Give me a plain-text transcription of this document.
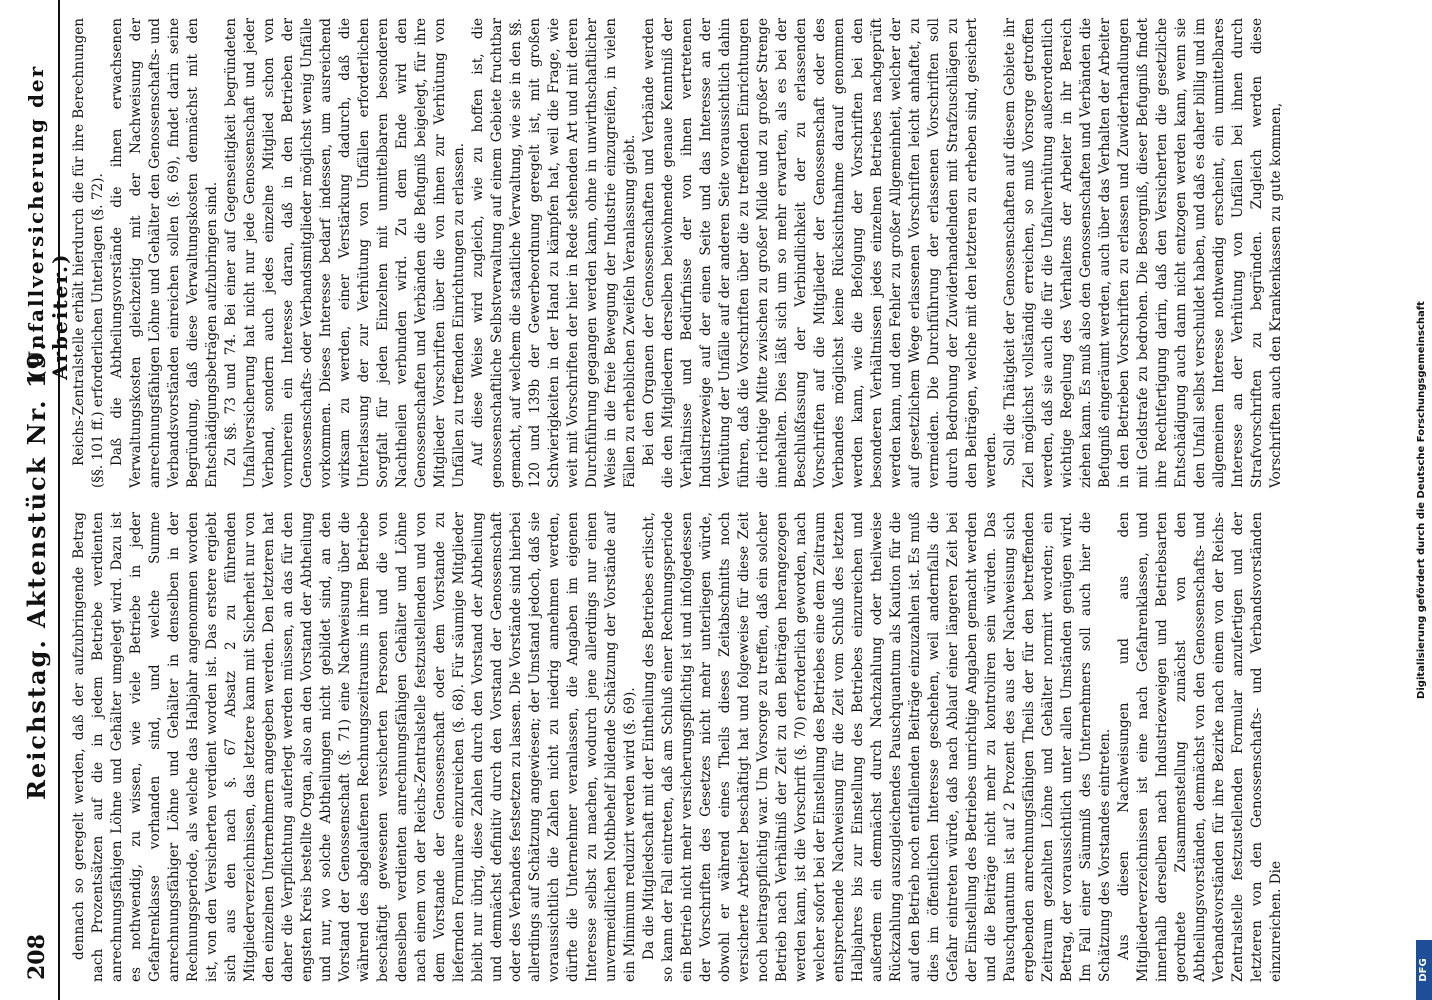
208
Reichstag. Aktenstück Nr. 19.
(Unfallversicherung der Arbeiter.)

dennach so geregelt werden, daß der aufzubringende Betrag nach Prozentsätzen auf die in jedem Betriebe verdienten anrechnungsfähigen Löhne und Gehälter umgelegt wird. Dazu ist es nothwendig, zu wissen, wie viele Betriebe in jeder Gefahrenklasse vorhanden sind, und welche Summe anrechnungsfähiger Löhne und Gehälter in denselben in der Rechnungsperiode, als welche das Halbjahr angenommen worden ist, von den Versicherten verdient worden ist. Das erstere ergiebt sich aus den nach §. 67 Absatz 2 zu führenden Mitgliederverzeichnissen, das letztere kann mit Sicherheit nur von den einzelnen Unternehmern angegeben werden. Den letzteren hat daher die Verpflichtung auferlegt werden müssen, an das für den engsten Kreis bestellte Organ, also an den Vorstand der Abtheilung und nur, wo solche Abtheilungen nicht gebildet sind, an den Vorstand der Genossenschaft (§. 71) eine Nachweisung über die während des abgelaufenen Rechnungszeitraums in ihrem Betriebe beschäftigt gewesenen versicherten Personen und die von denselben verdienten anrechnungsfähigen Gehälter und Löhne nach einem von der Reichs-Zentralstelle festzustellenden und von dem Vorstande der Genossenschaft oder dem Vorstande zu liefernden Formulare einzureichen (§. 68). Für säumige Mitglieder bleibt nur übrig, diese Zahlen durch den Vorstand der Abtheilung und demnächst definitiv durch den Vorstand der Genossenschaft oder des Verbandes festsetzen zu lassen. Die Vorstände sind hierbei allerdings auf Schätzung angewiesen; der Umstand jedoch, daß sie voraussichtlich die Zahlen nicht zu niedrig annehmen werden, dürfte die Unternehmer veranlassen, die Angaben im eigenen Interesse selbst zu machen, wodurch jene allerdings nur einen unvermeidlichen Nothbehelf bildende Schätzung der Vorstände auf ein Minimum reduzirt werden wird (§. 69). Da die Mitgliedschaft mit der Eintheilung des Betriebes erlischt, so kann der Fall eintreten, daß am Schluß einer Rechnungsperiode ein Betrieb nicht mehr versicherungspflichtig ist und infolgedessen der Vorschriften des Gesetzes nicht mehr unterliegen würde, obwohl er während eines Theils dieses Zeitabschnitts noch versicherte Arbeiter beschäftigt hat und folgeweise für diese Zeit noch beitragspflichtig war. Um Vorsorge zu treffen, daß ein solcher Betrieb nach Verhältniß der Zeit zu den Beiträgen herangezogen werden kann, ist die Vorschrift (§. 70) erforderlich geworden, nach welcher sofort bei der Einstellung des Betriebes eine dem Zeitraum entsprechende Nachweisung für die Zeit vom Schluß des letzten Halbjahres bis zur Einstellung des Betriebes einzureichen und außerdem ein demnächst durch Nachzahlung oder theilweise Rückzahlung auszugleichendes Pauschquantum als Kaution für die auf den Betrieb noch entfallenden Beiträge einzuzahlen ist. Es muß dies im öffentlichen Interesse geschehen, weil andernfalls die Gefahr eintreten würde, daß nach Ablauf einer längeren Zeit bei der Einstellung des Betriebes unrichtige Angaben gemacht werden und die Beiträge nicht mehr zu kontroliren sein würden. Das Pauschquantum ist auf 2 Prozent des aus der Nachweisung sich ergebenden anrechnungsfähigen Theils der für den betreffenden Zeitraum gezahlten Löhne und Gehälter normirt worden; ein Betrag, der voraussichtlich unter allen Umständen genügen wird. Im Fall einer Säumniß des Unternehmers soll auch hier die Schätzung des Vorstandes eintreten. Aus diesen Nachweisungen und aus den Mitgliederverzeichnissen ist eine nach Gefahrenklassen, und innerhalb derselben nach Industriezweigen und Betriebsarten geordnete Zusammenstellung zunächst von den Abtheilungsvorständen, demnächst von den Genossenschafts- und Verbandsvorständen für ihre Bezirke nach einem von der Reichs-Zentralstelle festzustellenden Formular anzufertigen und der letzteren von den Genossenschafts- und Verbandsvorständen einzureichen. Die

Reichs-Zentralstelle erhält hierdurch die für ihre Berechnungen (§§. 101 ff.) erforderlichen Unterlagen (§. 72). Daß die Abtheilungsvorstände die ihnen erwachsenen Verwaltungskosten gleichzeitig mit der Nachweisung der anrechnungsfähigen Löhne und Gehälter den Genossenschafts- und Verbandsvorständen einreichen sollen (§. 69), findet darin seine Begründung, daß diese Verwaltungskosten demnächst mit den Entschädigungsbeträgen aufzubringen sind. Zu §§. 73 und 74. Bei einer auf Gegenseitigkeit begründeten Unfallversicherung hat nicht nur jede Genossenschaft und jeder Verband, sondern auch jedes einzelne Mitglied schon von vornherein ein Interesse daran, daß in den Betrieben der Genossenschafts- oder Verbandsmitglieder möglichst wenig Unfälle vorkommen. Dieses Interesse bedarf indessen, um ausreichend wirksam zu werden, einer Verstärkung dadurch, daß die Unterlassung der zur Verhütung von Unfällen erforderlichen Sorgfalt für jeden Einzelnen mit unmittelbaren besonderen Nachtheilen verbunden wird. Zu dem Ende wird den Genossenschaften und Verbänden die Befugniß beigelegt, für ihre Mitglieder Vorschriften über die von ihnen zur Verhütung von Unfällen zu treffenden Einrichtungen zu erlassen. Auf diese Weise wird zugleich, wie zu hoffen ist, die genossenschaftliche Selbstverwaltung auf einem Gebiete fruchtbar gemacht, auf welchem die staatliche Verwaltung, wie sie in den §§. 120 und 139b der Gewerbeordnung geregelt ist, mit großen Schwierigkeiten in der Hand zu kämpfen hat, weil die Frage, wie weit mit Vorschriften der hier in Rede stehenden Art und mit deren Durchführung gegangen werden kann, ohne in unwirthschaftlicher Weise in die freie Bewegung der Industrie einzugreifen, in vielen Fällen zu erheblichen Zweifeln Veranlassung giebt. Bei den Organen der Genossenschaften und Verbände werden die den Mitgliedern derselben beiwohnende genaue Kenntniß der Verhältnisse und Bedürfnisse der von ihnen vertretenen Industriezweige auf der einen Seite und das Interesse an der Verhütung der Unfälle auf der anderen Seite voraussichtlich dahin führen, daß die Vorschriften über die zu treffenden Einrichtungen die richtige Mitte zwischen zu großer Milde und zu großer Strenge innehalten. Dies läßt sich um so mehr erwarten, als es bei der Beschlußfassung der Verbindlichkeit der zu erlassenden Vorschriften auf die Mitglieder der Genossenschaft oder des Verbandes möglichst keine Rücksichtnahme darauf genommen werden kann, wie die Befolgung der Vorschriften bei den besonderen Verhältnissen jedes einzelnen Betriebes nachgeprüft werden kann, und den Fehler zu großer Allgemeinheit, welcher der auf gesetzlichem Wege erlassenen Vorschriften leicht anhaftet, zu vermeiden. Die Durchführung der erlassenen Vorschriften soll durch Bedrohung der Zuwiderhandelnden mit Strafzuschlägen zu den Beiträgen, welche mit den letzteren zu erheben sind, gesichert werden. Soll die Thätigkeit der Genossenschaften auf diesem Gebiete ihr Ziel möglichst vollständig erreichen, so muß Vorsorge getroffen werden, daß sie auch die für die Unfallverhütung außerordentlich wichtige Regelung des Verhaltens der Arbeiter in ihr Bereich ziehen kann. Es muß also den Genossenschaften und Verbänden die Befugniß eingeräumt werden, auch über das Verhalten der Arbeiter in den Betrieben Vorschriften zu erlassen und Zuwiderhandlungen mit Geldstrafe zu bedrohen. Die Besorgniß, dieser Befugniß findet ihre Rechtfertigung darin, daß den Versicherten die gesetzliche Entschädigung auch dann nicht entzogen werden kann, wenn sie den Unfall selbst verschuldet haben, und daß es daher billig und im allgemeinen Interesse nothwendig erscheint, ein unmittelbares Interesse an der Verhütung von Unfällen bei ihnen durch Strafvorschriften zu begründen. Zugleich werden diese Vorschriften auch den Krankenkassen zu gute kommen,

DFG
Digitalisierung gefördert durch die Deutsche Forschungsgemeinschaft
